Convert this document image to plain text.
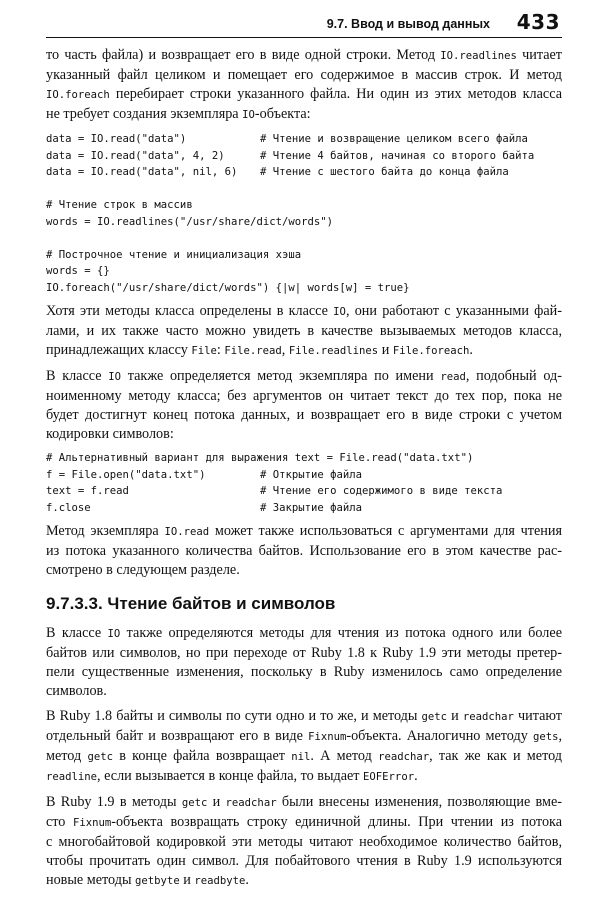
9.7. Ввод и вывод данных 433

то часть файла) и возвращает его в виде одной строки. Метод IO.readlines читает
указанный файл целиком и помещает его содержимое в массив строк. И метод
IO.foreach перебирает строки указанного файла. Ни один из этих методов класса
не требует создания экземпляра IO-объекта:

data = IO.read("data")	# Чтение и возвращение целиком всего файла
data = IO.read("data", 4, 2)	# Чтение 4 байтов, начиная со второго байта
data = IO.read("data", nil, 6) # Чтение с шестого байта до конца файла
# Чтение строк в массив
words = IO.readlines("/usr/share/dict/words")
# Построчное чтение и инициализация хэша
words = {}
IO.foreach("/usr/share/dict/words") {|w| words[w] = true}

Хотя эти методы класса определены в классе IO, они работают с указанными фай-
лами, и их также часто можно увидеть в качестве вызываемых методов класса,
принадлежащих классу File: File.read, File.readlines и File.foreach.

В классе IO также определяется метод экземпляра по имени read, подобный од-
ноименному методу класса; без аргументов он читает текст до тех пор, пока не
будет достигнут конец потока данных, и возвращает его в виде строки с учетом
кодировки символов:

# Альтернативный вариант для выражения text = File.read("data.txt")
f = File.open("data.txt")	# Открытие файла
text = f.read	# Чтение его содержимого в виде текста
f.close	# Закрытие файла

Метод экземпляра IO.read может также использоваться с аргументами для чтения
из потока указанного количества байтов. Использование его в этом качестве рас-
смотрено в следующем разделе.

9.7.3.3. Чтение байтов и символов

В классе IO также определяются методы для чтения из потока одного или более
байтов или символов, но при переходе от Ruby 1.8 к Ruby 1.9 эти методы претер-
пели существенные изменения, поскольку в Ruby изменилось само определение
символов.

В Ruby 1.8 байты и символы по сути одно и то же, и методы getc и readchar читают
отдельный байт и возвращают его в виде Fixnum-объекта. Аналогично методу gets,
метод getc в конце файла возвращает nil. А метод readchar, так же как и метод
readline, если вызывается в конце файла, то выдает EOFError.

В Ruby 1.9 в методы getc и readchar были внесены изменения, позволяющие вме-
сто Fixnum-объекта возвращать строку единичной длины. При чтении из потока
с многобайтовой кодировкой эти методы читают необходимое количество байтов,
чтобы прочитать один символ. Для побайтового чтения в Ruby 1.9 используются
новые методы getbyte и readbyte.
